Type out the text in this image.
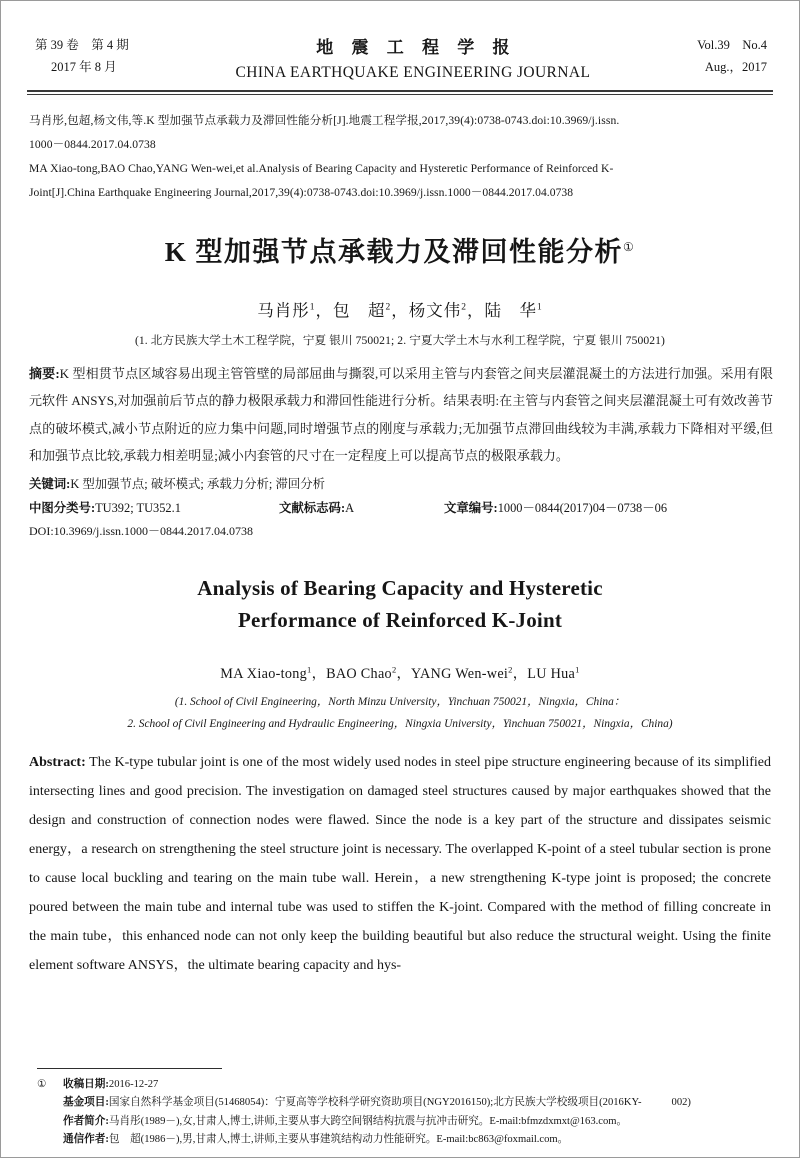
第 39 卷　第 4 期
2017 年 8 月
地 震 工 程 学 报
CHINA EARTHQUAKE ENGINEERING JOURNAL
Vol.39　No.4
Aug.，2017
马肖彤,包超,杨文伟,等.K 型加强节点承载力及滞回性能分析[J].地震工程学报,2017,39(4):0738-0743.doi:10.3969/j.issn.
1000－0844.2017.04.0738
MA Xiao-tong,BAO Chao,YANG Wen-wei,et al.Analysis of Bearing Capacity and Hysteretic Performance of Reinforced K-
Joint[J].China Earthquake Engineering Journal,2017,39(4):0738-0743.doi:10.3969/j.issn.1000－0844.2017.04.0738
K 型加强节点承载力及滞回性能分析①
马肖彤$^1$，包　超$^2$，杨文伟$^2$，陆　华$^1$
(1. 北方民族大学土木工程学院，宁夏 银川 750021; 2. 宁夏大学土木与水利工程学院，宁夏 银川 750021)
摘要:K 型相贯节点区域容易出现主管管壁的局部屈曲与撕裂,可以采用主管与内套管之间夹层灌混凝土的方法进行加强。采用有限元软件 ANSYS,对加强前后节点的静力极限承载力和滞回性能进行分析。结果表明:在主管与内套管之间夹层灌混凝土可有效改善节点的破坏模式,减小节点附近的应力集中问题,同时增强节点的刚度与承载力;无加强节点滞回曲线较为丰满,承载力下降相对平缓,但和加强节点比较,承载力相差明显;减小内套管的尺寸在一定程度上可以提高节点的极限承载力。
关键词:K 型加强节点; 破坏模式; 承载力分析; 滞回分析
中图分类号:TU392; TU352.1	文献标志码:A	文章编号:1000－0844(2017)04－0738－06
DOI:10.3969/j.issn.1000－0844.2017.04.0738
Analysis of Bearing Capacity and Hysteretic
Performance of Reinforced K-Joint
MA Xiao-tong$^1$，BAO Chao$^2$，YANG Wen-wei$^2$，LU Hua$^1$
(1. School of Civil Engineering，North Minzu University，Yinchuan 750021，Ningxia，China：
2. School of Civil Engineering and Hydraulic Engineering，Ningxia University，Yinchuan 750021，Ningxia，China)
Abstract: The K-type tubular joint is one of the most widely used nodes in steel pipe structure engineering because of its simplified intersecting lines and good precision. The investigation on damaged steel structures caused by major earthquakes showed that the design and construction of connection nodes were flawed. Since the node is a key part of the structure and dissipates seismic energy，a research on strengthening the steel structure joint is necessary. The overlapped K-point of a steel tubular section is prone to cause local buckling and tearing on the main tube wall. Herein，a new strengthening K-type joint is proposed; the concrete poured between the main tube and internal tube was used to stiffen the K-joint. Compared with the method of filling concreate in the main tube，this enhanced node can not only keep the building beautiful but also reduce the structural weight. Using the finite element software ANSYS，the ultimate bearing capacity and hys-
①	收稿日期:2016-12-27
基金项目:国家自然科学基金项目(51468054)：宁夏高等学校科学研究资助项目(NGY2016150);北方民族大学校级项目(2016KY-	002)
作者简介:马肖彤(1989－),女,甘肃人,博士,讲师,主要从事大跨空间钢结构抗震与抗冲击研究。E-mail:bfmzdxmxt@163.com。
通信作者:包　超(1986－),男,甘肃人,博士,讲师,主要从事建筑结构动力性能研究。E-mail:bc863@foxmail.com。
